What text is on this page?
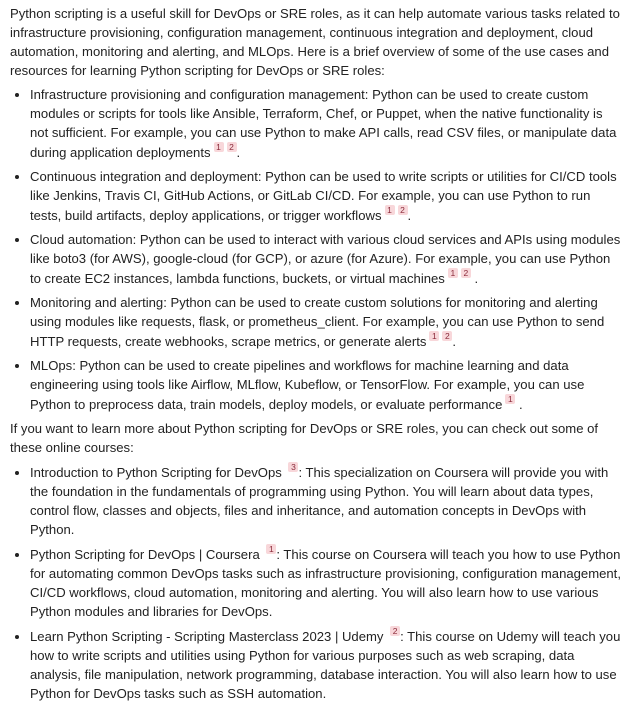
Python scripting is a useful skill for DevOps or SRE roles, as it can help automate various tasks related to infrastructure provisioning, configuration management, continuous integration and deployment, cloud automation, monitoring and alerting, and MLOps. Here is a brief overview of some of the use cases and resources for learning Python scripting for DevOps or SRE roles:

• Infrastructure provisioning and configuration management: Python can be used to create custom modules or scripts for tools like Ansible, Terraform, Chef, or Puppet, when the native functionality is not sufficient. For example, you can use Python to make API calls, read CSV files, or manipulate data during application deployments 1 2 .
• Continuous integration and deployment: Python can be used to write scripts or utilities for CI/CD tools like Jenkins, Travis CI, GitHub Actions, or GitLab CI/CD. For example, you can use Python to run tests, build artifacts, deploy applications, or trigger workflows 1 2 .
• Cloud automation: Python can be used to interact with various cloud services and APIs using modules like boto3 (for AWS), google-cloud (for GCP), or azure (for Azure). For example, you can use Python to create EC2 instances, lambda functions, buckets, or virtual machines 1 2 .
• Monitoring and alerting: Python can be used to create custom solutions for monitoring and alerting using modules like requests, flask, or prometheus_client. For example, you can use Python to send HTTP requests, create webhooks, scrape metrics, or generate alerts 1 2 .
• MLOps: Python can be used to create pipelines and workflows for machine learning and data engineering using tools like Airflow, MLflow, Kubeflow, or TensorFlow. For example, you can use Python to preprocess data, train models, deploy models, or evaluate performance 1 .

If you want to learn more about Python scripting for DevOps or SRE roles, you can check out some of these online courses:

• Introduction to Python Scripting for DevOps 3 : This specialization on Coursera will provide you with the foundation in the fundamentals of programming using Python. You will learn about data types, control flow, classes and objects, files and inheritance, and automation concepts in DevOps with Python.
• Python Scripting for DevOps | Coursera 1 : This course on Coursera will teach you how to use Python for automating common DevOps tasks such as infrastructure provisioning, configuration management, CI/CD workflows, cloud automation, monitoring and alerting. You will also learn how to use various Python modules and libraries for DevOps.
• Learn Python Scripting - Scripting Masterclass 2023 | Udemy 2 : This course on Udemy will teach you how to write scripts and utilities using Python for various purposes such as web scraping, data analysis, file manipulation, network programming, database interaction. You will also learn how to use Python for DevOps tasks such as SSH automation.
